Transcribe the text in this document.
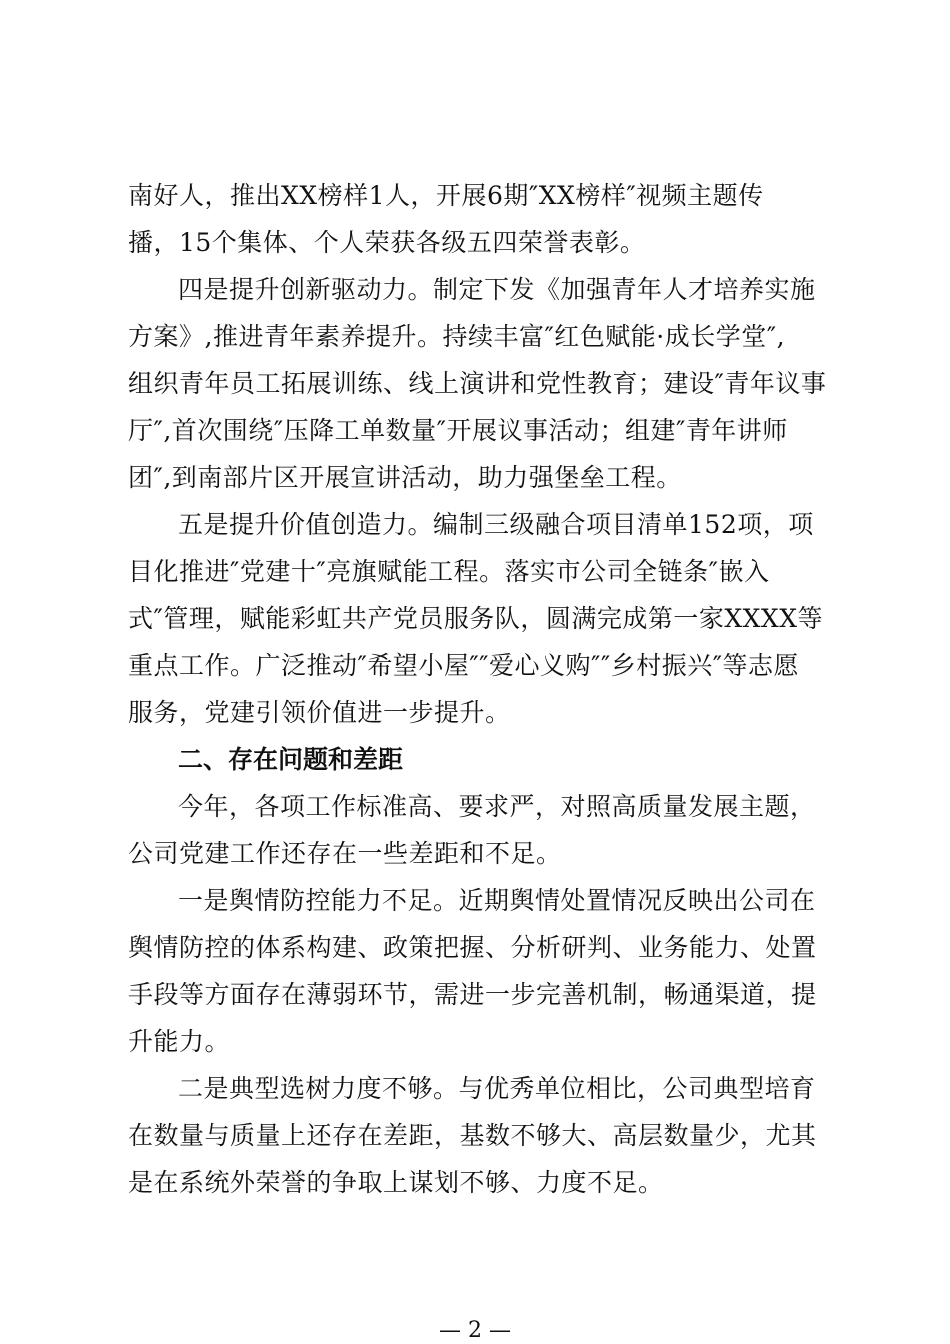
南好人，推出XX榜样1人，开展6期″XX榜样″视频主题传
播，15个集体、个人荣获各级五四荣誉表彰。
四是提升创新驱动力。制定下发《加强青年人才培养实施
方案》,推进青年素养提升。持续丰富″红色赋能·成长学堂″,
组织青年员工拓展训练、线上演讲和党性教育；建设″青年议事
厅″,首次围绕″压降工单数量″开展议事活动；组建″青年讲师
团″,到南部片区开展宣讲活动，助力强堡垒工程。
五是提升价值创造力。编制三级融合项目清单152项，项
目化推进″党建十″亮旗赋能工程。落实市公司全链条″嵌入
式″管理，赋能彩虹共产党员服务队，圆满完成第一家XXXX等
重点工作。广泛推动″希望小屋″″爱心义购″″乡村振兴″等志愿
服务，党建引领价值进一步提升。
二、存在问题和差距
今年，各项工作标准高、要求严，对照高质量发展主题，
公司党建工作还存在一些差距和不足。
一是舆情防控能力不足。近期舆情处置情况反映出公司在
舆情防控的体系构建、政策把握、分析研判、业务能力、处置
手段等方面存在薄弱环节，需进一步完善机制，畅通渠道，提
升能力。
二是典型选树力度不够。与优秀单位相比，公司典型培育
在数量与质量上还存在差距，基数不够大、高层数量少，尤其
是在系统外荣誉的争取上谋划不够、力度不足。
— 2 —
